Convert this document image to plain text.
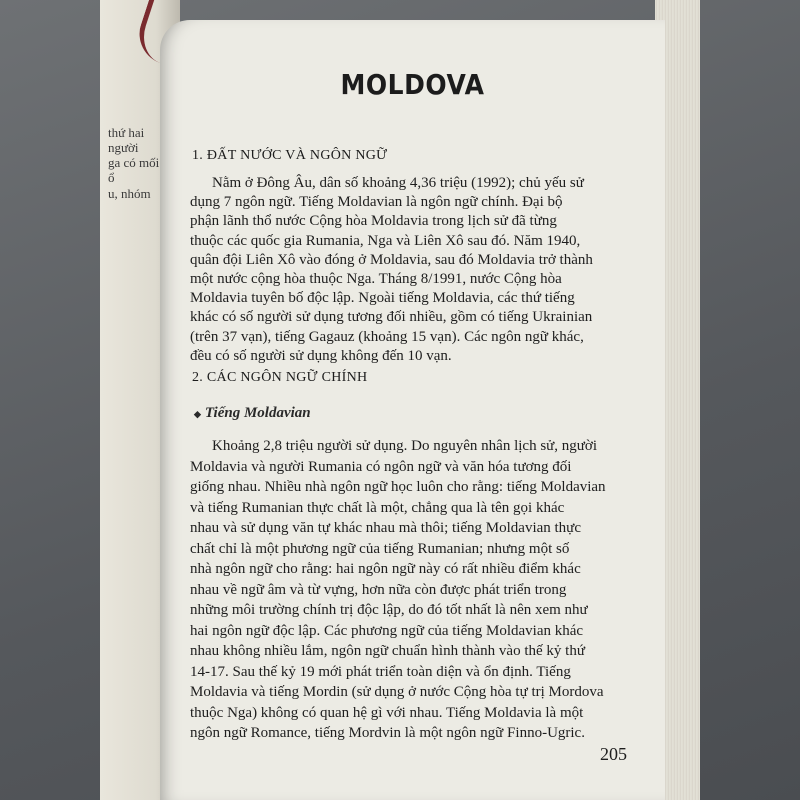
thứ hai
người
ga có mối
ổ
u, nhóm
MOLDOVA
1. ĐẤT NƯỚC VÀ NGÔN NGỮ
Nằm ở Đông Âu, dân số khoảng 4,36 triệu (1992); chủ yếu sử
dụng 7 ngôn ngữ. Tiếng Moldavian là ngôn ngữ chính. Đại bộ
phận lãnh thổ nước Cộng hòa Moldavia trong lịch sử đã từng
thuộc các quốc gia Rumania, Nga và Liên Xô sau đó. Năm 1940,
quân đội Liên Xô vào đóng ở Moldavia, sau đó Moldavia trở thành
một nước cộng hòa thuộc Nga. Tháng 8/1991, nước Cộng hòa
Moldavia tuyên bố độc lập. Ngoài tiếng Moldavia, các thứ tiếng
khác có số người sử dụng tương đối nhiều, gồm có tiếng Ukrainian
(trên 37 vạn), tiếng Gagauz (khoảng 15 vạn). Các ngôn ngữ khác,
đều có số người sử dụng không đến 10 vạn.
2. CÁC NGÔN NGỮ CHÍNH
◆ Tiếng Moldavian
Khoảng 2,8 triệu người sử dụng. Do nguyên nhân lịch sử, người
Moldavia và người Rumania có ngôn ngữ và văn hóa tương đối
giống nhau. Nhiều nhà ngôn ngữ học luôn cho rằng: tiếng Moldavian
và tiếng Rumanian thực chất là một, chẳng qua là tên gọi khác
nhau và sử dụng văn tự khác nhau mà thôi; tiếng Moldavian thực
chất chỉ là một phương ngữ của tiếng Rumanian; nhưng một số
nhà ngôn ngữ cho rằng: hai ngôn ngữ này có rất nhiều điểm khác
nhau về ngữ âm và từ vựng, hơn nữa còn được phát triển trong
những môi trường chính trị độc lập, do đó tốt nhất là nên xem như
hai ngôn ngữ độc lập. Các phương ngữ của tiếng Moldavian khác
nhau không nhiều lắm, ngôn ngữ chuẩn hình thành vào thế kỷ thứ
14-17. Sau thế kỷ 19 mới phát triển toàn diện và ổn định. Tiếng
Moldavia và tiếng Mordin (sử dụng ở nước Cộng hòa tự trị Mordova
thuộc Nga) không có quan hệ gì với nhau. Tiếng Moldavia là một
ngôn ngữ Romance, tiếng Mordvin là một ngôn ngữ Finno-Ugric.
205
